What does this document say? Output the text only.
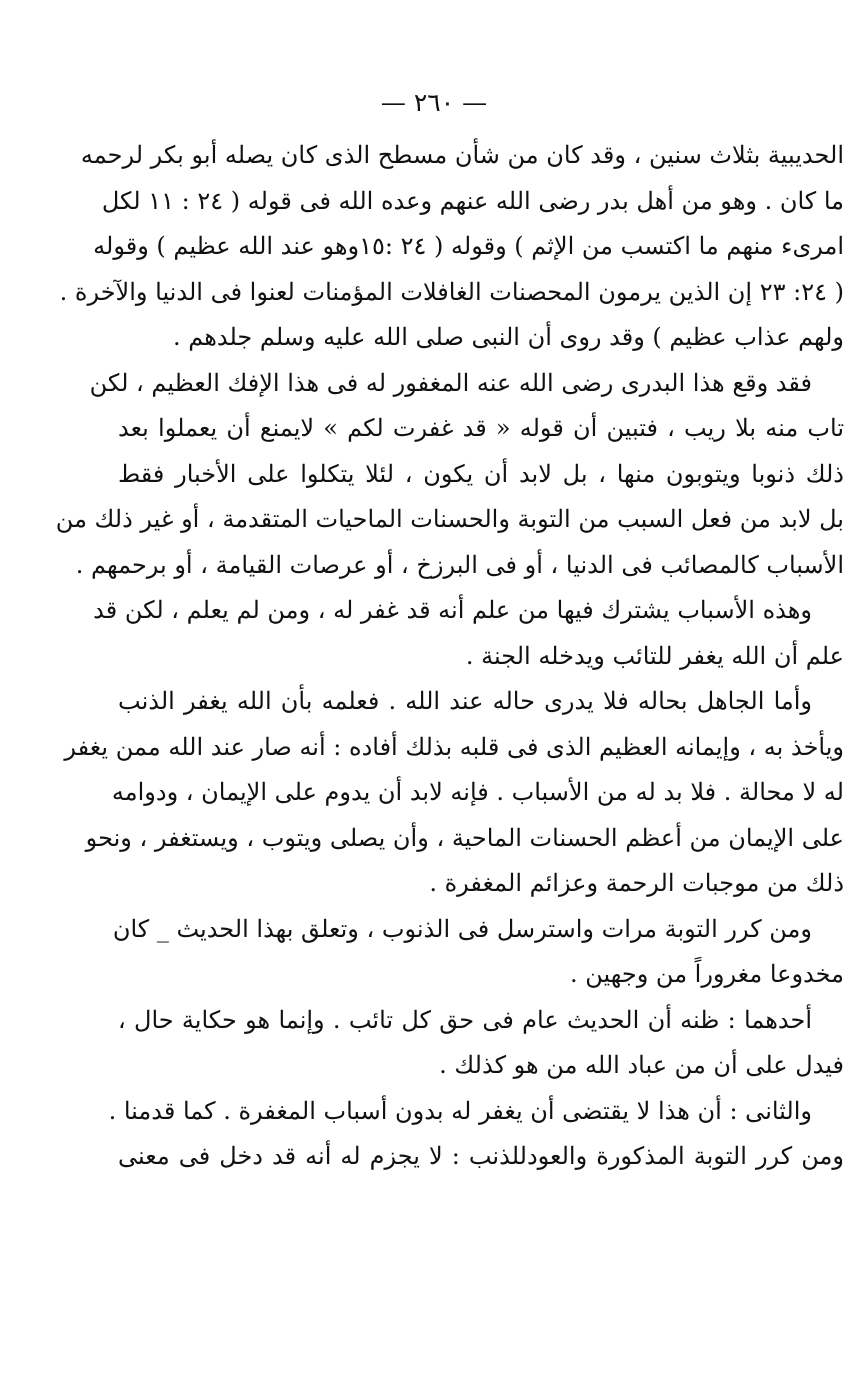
— ٢٦٠ —
الحديبية بثلاث سنين ، وقد كان من شأن مسطح الذى كان يصله أبو بكر لرحمه
ما كان . وهو من أهل بدر رضى الله عنهم وعده الله فى قوله ( ٢٤ : ١١ لكل
امرىء منهم ما اكتسب من الإثم ) وقوله ( ٢٤ :١٥وهو عند الله عظيم ) وقوله
( ٢٤: ٢٣ إن الذين يرمون المحصنات الغافلات المؤمنات لعنوا فى الدنيا والآخرة .
ولهم عذاب عظيم ) وقد روى أن النبى صلى الله عليه وسلم جلدهم .
فقد وقع هذا البدرى رضى الله عنه المغفور له فى هذا الإفك العظيم ، لكن
تاب منه بلا ريب ، فتبين أن قوله « قد غفرت لكم » لايمنع أن يعملوا بعد
ذلك ذنوبا ويتوبون منها ، بل لابد أن يكون ، لئلا يتكلوا على الأخبار فقط
بل لابد من فعل السبب من التوبة والحسنات الماحيات المتقدمة ، أو غير ذلك من
الأسباب كالمصائب فى الدنيا ، أو فى البرزخ ، أو عرصات القيامة ، أو برحمهم .
وهذه الأسباب يشترك فيها من علم أنه قد غفر له ، ومن لم يعلم ، لكن قد
علم أن الله يغفر للتائب ويدخله الجنة .
وأما الجاهل بحاله فلا يدرى حاله عند الله . فعلمه بأن الله يغفر الذنب
ويأخذ به ، وإيمانه العظيم الذى فى قلبه بذلك أفاده : أنه صار عند الله ممن يغفر
له لا محالة . فلا بد له من الأسباب . فإنه لابد أن يدوم على الإيمان ، ودوامه
على الإيمان من أعظم الحسنات الماحية ، وأن يصلى ويتوب ، ويستغفر ، ونحو
ذلك من موجبات الرحمة وعزائم المغفرة .
ومن كرر التوبة مرات واسترسل فى الذنوب ، وتعلق بهذا الحديث _ كان
مخدوعا مغروراً من وجهين .
أحدهما : ظنه أن الحديث عام فى حق كل تائب . وإنما هو حكاية حال ،
فيدل على أن من عباد الله من هو كذلك .
والثانى : أن هذا لا يقتضى أن يغفر له بدون أسباب المغفرة . كما قدمنا .
ومن كرر التوبة المذكورة والعودللذنب : لا يجزم له أنه قد دخل فى معنى
